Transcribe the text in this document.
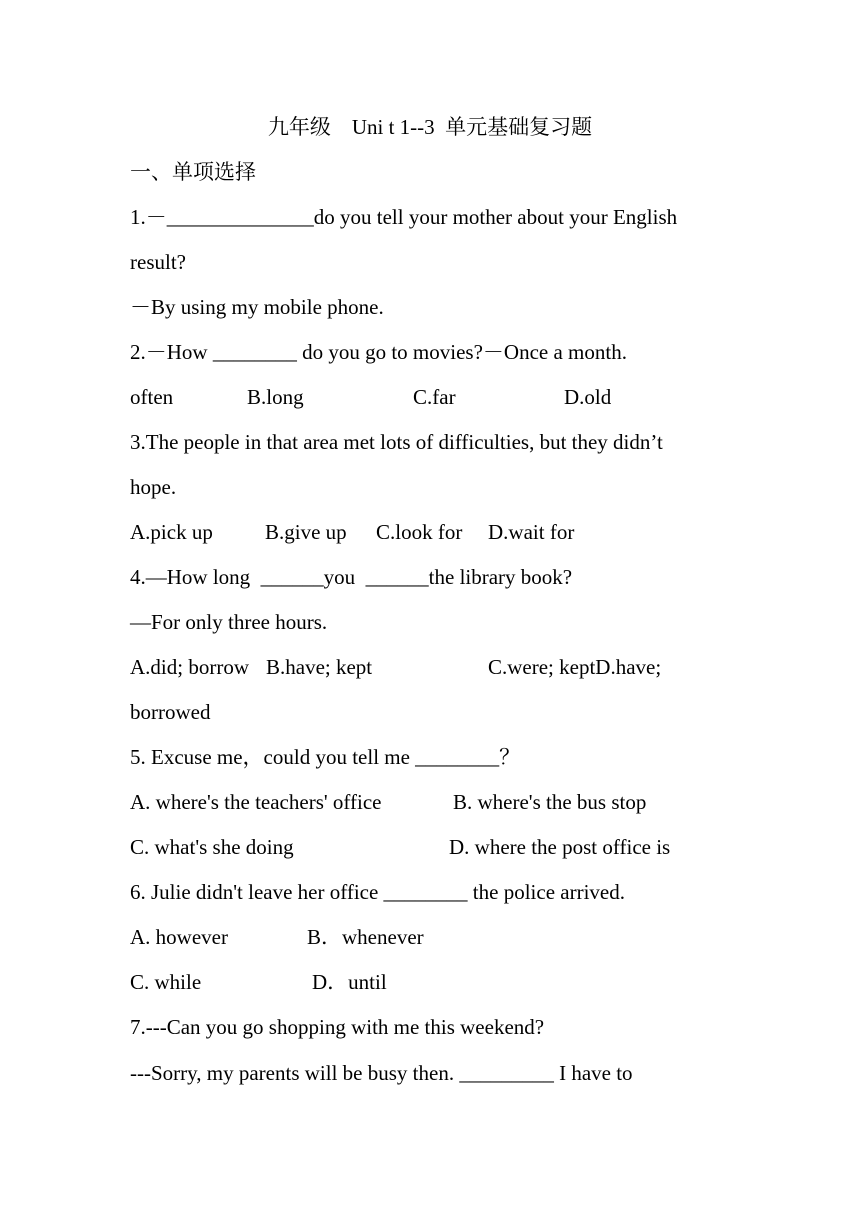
九年级　Uni t 1--3  单元基础复习题
一、单项选择
1.－______________do you tell your mother about your English
result?
－By using my mobile phone.
2.－How ________ do you go to movies?－Once a month.
often	B.long	C.far	D.old
3.The people in that area met lots of difficulties, but they didn’t
hope.
A.pick up B.give up C.look for D.wait for
4.—How long  ______you  ______the library book?
—For only three hours.
A.did; borrow B.have; kept	C.were; keptD.have;
borrowed
5. Excuse me，could you tell me ________？
A. where's the teachers' office	B. where's the bus stop
C. what's she doing	D. where the post office is
6. Julie didn't leave her office ________ the police arrived.
A. however	B．whenever
C. while	D．until
7.---Can you go shopping with me this weekend?
---Sorry, my parents will be busy then. _________ I have to
